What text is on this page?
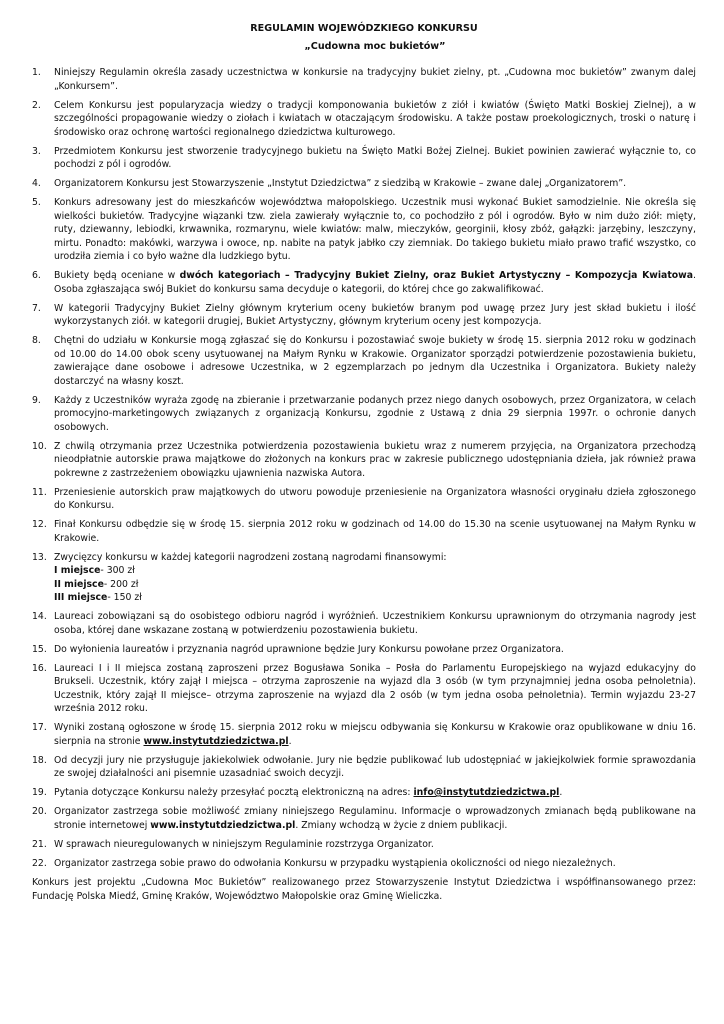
REGULAMIN WOJEWÓDZKIEGO KONKURSU

„Cudowna moc bukietów”

1. Niniejszy Regulamin określa zasady uczestnictwa w konkursie na tradycyjny bukiet zielny, pt. „Cudowna moc bukietów” zwanym dalej „Konkursem”.
2. Celem Konkursu jest popularyzacja wiedzy o tradycji komponowania bukietów z ziół i kwiatów (Święto Matki Boskiej Zielnej), a w szczególności propagowanie wiedzy o ziołach i kwiatach w otaczającym środowisku. A także postaw proekologicznych, troski o naturę i środowisko oraz ochronę wartości regionalnego dziedzictwa kulturowego.
3. Przedmiotem Konkursu jest stworzenie tradycyjnego bukietu na Święto Matki Bożej Zielnej. Bukiet powinien zawierać wyłącznie to, co pochodzi z pól i ogrodów.
4. Organizatorem Konkursu jest Stowarzyszenie „Instytut Dziedzictwa” z siedzibą w Krakowie – zwane dalej „Organizatorem”.
5. Konkurs adresowany jest do mieszkańców województwa małopolskiego. Uczestnik musi wykonać Bukiet samodzielnie. Nie określa się wielkości bukietów. Tradycyjne wiązanki tzw. ziela zawierały wyłącznie to, co pochodziło z pól i ogrodów. Było w nim dużo ziół: mięty, ruty, dziewanny, lebiodki, krwawnika, rozmarynu, wiele kwiatów: malw, mieczyków, georginii, kłosy zbóż, gałązki: jarzębiny, leszczyny, mirtu. Ponadto: makówki, warzywa i owoce, np. nabite na patyk jabłko czy ziemniak. Do takiego bukietu miało prawo trafić wszystko, co urodziła ziemia i co było ważne dla ludzkiego bytu.
6. Bukiety będą oceniane w dwóch kategoriach – Tradycyjny Bukiet Zielny, oraz Bukiet Artystyczny – Kompozycja Kwiatowa. Osoba zgłaszająca swój Bukiet do konkursu sama decyduje o kategorii, do której chce go zakwalifikować.
7. W kategorii Tradycyjny Bukiet Zielny głównym kryterium oceny bukietów branym pod uwagę przez Jury jest skład bukietu i ilość wykorzystanych ziół. w kategorii drugiej, Bukiet Artystyczny, głównym kryterium oceny jest kompozycja.
8. Chętni do udziału w Konkursie mogą zgłaszać się do Konkursu i pozostawiać swoje bukiety w środę 15. sierpnia 2012 roku w godzinach od 10.00 do 14.00 obok sceny usytuowanej na Małym Rynku w Krakowie. Organizator sporządzi potwierdzenie pozostawienia bukietu, zawierające dane osobowe i adresowe Uczestnika, w 2 egzemplarzach po jednym dla Uczestnika i Organizatora. Bukiety należy dostarczyć na własny koszt.
9. Każdy z Uczestników wyraża zgodę na zbieranie i przetwarzanie podanych przez niego danych osobowych, przez Organizatora, w celach promocyjno-marketingowych związanych z organizacją Konkursu, zgodnie z Ustawą z dnia 29 sierpnia 1997r. o ochronie danych osobowych.
10. Z chwilą otrzymania przez Uczestnika potwierdzenia pozostawienia bukietu wraz z numerem przyjęcia, na Organizatora przechodzą nieodpłatnie autorskie prawa majątkowe do złożonych na konkurs prac w zakresie publicznego udostępniania dzieła, jak również prawa pokrewne z zastrzeżeniem obowiązku ujawnienia nazwiska Autora.
11. Przeniesienie autorskich praw majątkowych do utworu powoduje przeniesienie na Organizatora własności oryginału dzieła zgłoszonego do Konkursu.
12. Finał Konkursu odbędzie się w środę 15. sierpnia 2012 roku w godzinach od 14.00 do 15.30 na scenie usytuowanej na Małym Rynku w Krakowie.
13. Zwycięzcy konkursu w każdej kategorii nagrodzeni zostaną nagrodami finansowymi:
I miejsce- 300 zł
II miejsce- 200 zł
III miejsce- 150 zł
14. Laureaci zobowiązani są do osobistego odbioru nagród i wyróżnień. Uczestnikiem Konkursu uprawnionym do otrzymania nagrody jest osoba, której dane wskazane zostaną w potwierdzeniu pozostawienia bukietu.
15. Do wyłonienia laureatów i przyznania nagród uprawnione będzie Jury Konkursu powołane przez Organizatora.
16. Laureaci I i II miejsca zostaną zaproszeni przez Bogusława Sonika – Posła do Parlamentu Europejskiego na wyjazd edukacyjny do Brukseli. Uczestnik, który zajął I miejsca – otrzyma zaproszenie na wyjazd dla 3 osób (w tym przynajmniej jedna osoba pełnoletnia). Uczestnik, który zajął II miejsce– otrzyma zaproszenie na wyjazd dla 2 osób (w tym jedna osoba pełnoletnia). Termin wyjazdu 23-27 września 2012 roku.
17. Wyniki zostaną ogłoszone w środę 15. sierpnia 2012 roku w miejscu odbywania się Konkursu w Krakowie oraz opublikowane w dniu 16. sierpnia na stronie www.instytutdziedzictwa.pl.
18. Od decyzji jury nie przysługuje jakiekolwiek odwołanie. Jury nie będzie publikować lub udostępniać w jakiejkolwiek formie sprawozdania ze swojej działalności ani pisemnie uzasadniać swoich decyzji.
19. Pytania dotyczące Konkursu należy przesyłać pocztą elektroniczną na adres: info@instytutdziedzictwa.pl.
20. Organizator zastrzega sobie możliwość zmiany niniejszego Regulaminu. Informacje o wprowadzonych zmianach będą publikowane na stronie internetowej www.instytutdziedzictwa.pl. Zmiany wchodzą w życie z dniem publikacji.
21. W sprawach nieuregulowanych w niniejszym Regulaminie rozstrzyga Organizator.
22. Organizator zastrzega sobie prawo do odwołania Konkursu w przypadku wystąpienia okoliczności od niego niezależnych.

Konkurs jest projektu „Cudowna Moc Bukietów” realizowanego przez Stowarzyszenie Instytut Dziedzictwa i współfinansowanego przez: Fundację Polska Miedź, Gminę Kraków, Województwo Małopolskie oraz Gminę Wieliczka.
